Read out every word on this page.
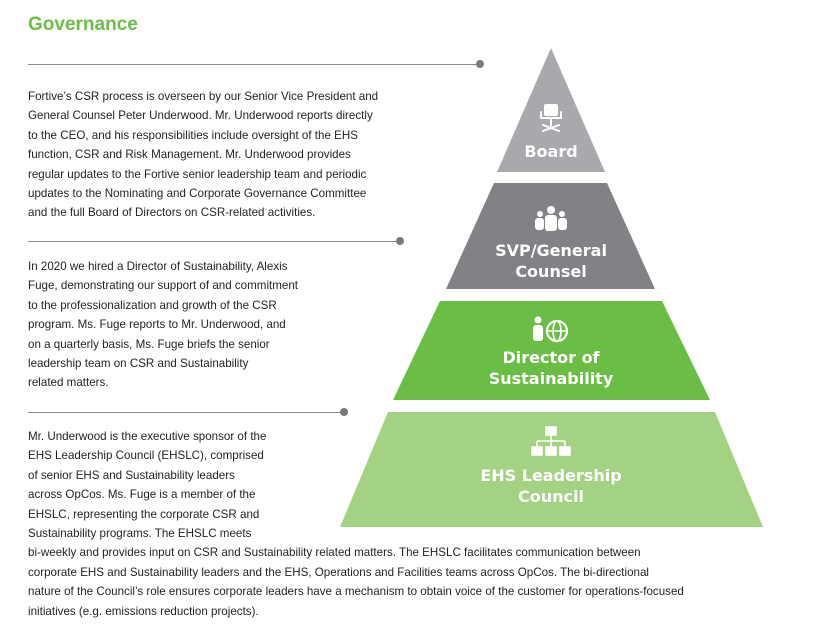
Governance

Fortive’s CSR process is overseen by our Senior Vice President and
General Counsel Peter Underwood. Mr. Underwood reports directly
to the CEO, and his responsibilities include oversight of the EHS
function, CSR and Risk Management. Mr. Underwood provides
regular updates to the Fortive senior leadership team and periodic
updates to the Nominating and Corporate Governance Committee
and the full Board of Directors on CSR-related activities.

In 2020 we hired a Director of Sustainability, Alexis
Fuge, demonstrating our support of and commitment
to the professionalization and growth of the CSR
program. Ms. Fuge reports to Mr. Underwood, and
on a quarterly basis, Ms. Fuge briefs the senior
leadership team on CSR and Sustainability
related matters.

Mr. Underwood is the executive sponsor of the
EHS Leadership Council (EHSLC), comprised
of senior EHS and Sustainability leaders
across OpCos. Ms. Fuge is a member of the
EHSLC, representing the corporate CSR and
Sustainability programs. The EHSLC meets
bi-weekly and provides input on CSR and Sustainability related matters. The EHSLC facilitates communication between
corporate EHS and Sustainability leaders and the EHS, Operations and Facilities teams across OpCos. The bi-directional
nature of the Council’s role ensures corporate leaders have a mechanism to obtain voice of the customer for operations-focused
initiatives (e.g. emissions reduction projects).

Board
SVP/General
Counsel
Director of
Sustainability
EHS Leadership
Council
